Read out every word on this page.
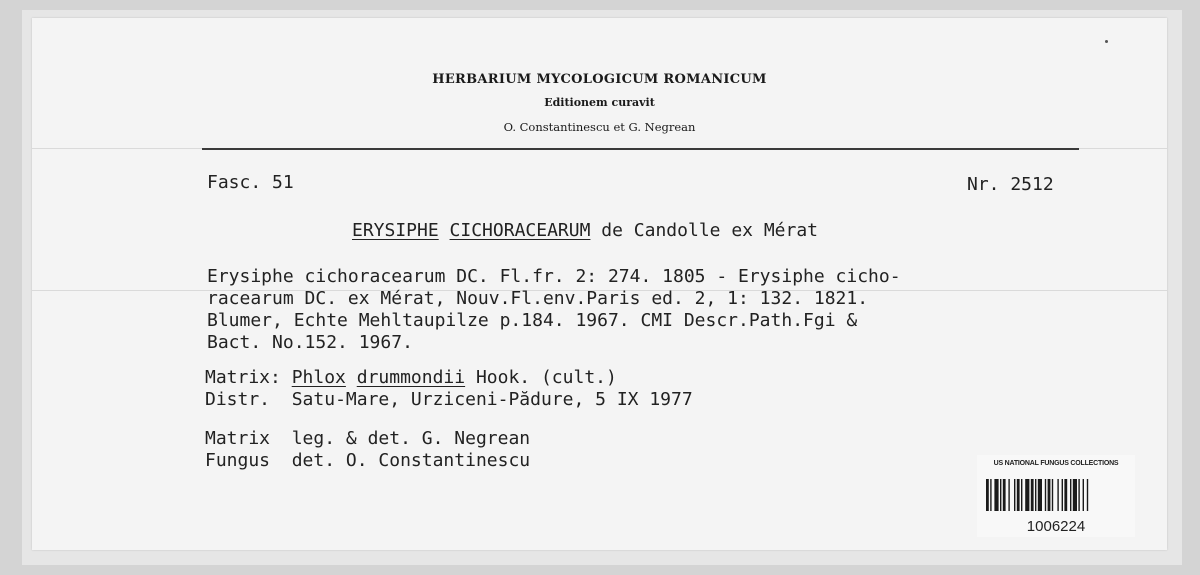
HERBARIUM MYCOLOGICUM ROMANICUM
Editionem curavit
O. Constantinescu et G. Negrean
Fasc. 51	Nr. 2512
ERYSIPHE CICHORACEARUM de Candolle ex Mérat
Erysiphe cichoracearum DC. Fl.fr. 2: 274. 1805 - Erysiphe cicho-
racearum DC. ex Mérat, Nouv.Fl.env.Paris ed. 2, 1: 132. 1821.
Blumer, Echte Mehltaupilze p.184. 1967. CMI Descr.Path.Fgi &
Bact. No.152. 1967.
Matrix: Phlox drummondii Hook. (cult.)
Distr. Satu-Mare, Urziceni-Pădure, 5 IX 1977
Matrix leg. & det. G. Negrean
Fungus det. O. Constantinescu	US NATIONAL FUNGUS COLLECTIONS
1006224
